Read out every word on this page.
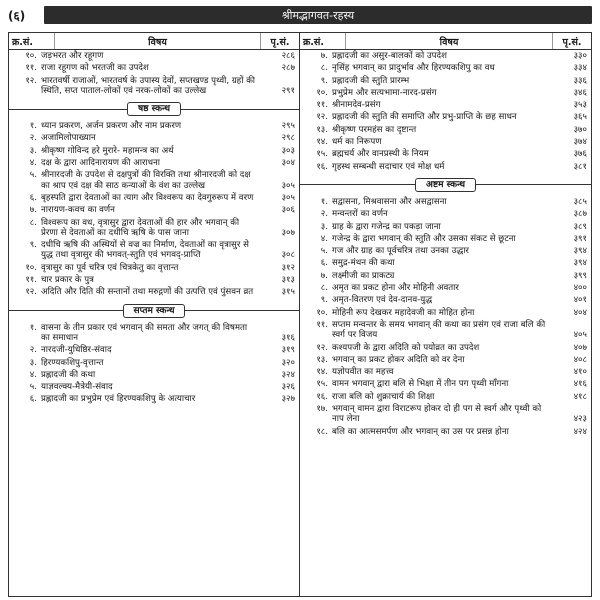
(६)	श्रीमद्भागवत-रहस्य
क्र.सं.	विषय	पृ.सं.
१०. जड़भरत और रहूगण	२८६
११. राजा रहूगण को भरतजी का उपदेश	२८७
१२. भारतवर्षी राजाओं, भारतवर्ष के उपास्य देवों, सप्तखण्ड पृथ्वी, ग्रहों की स्थिति, सप्त पाताल-लोकों एवं नरक-लोकों का उल्लेख	२९१
षष्ठ स्कन्ध
१. ध्यान प्रकरण, अर्जन प्रकरण और नाम प्रकरण	२९५
२. अजामिलोपाख्यान	२९८
३. श्रीकृष्ण गोविन्द हरे मुरारे- महामन्त्र का अर्थ	३०३
४. दक्ष के द्वारा आदिनारायण की आराधना	३०४
५. श्रीनारदजी के उपदेश से दक्षपुत्रों की विरक्ति तथा श्रीनारदजी को दक्ष का श्राप एवं दक्ष की साठ कन्याओं के वंश का उल्लेख	३०५
६. बृहस्पति द्वारा देवताओं का त्याग और विश्वरूप का देवगुरुरूप में वरण	३०५
७. नारायण-कवच का वर्णन	३०६
८. विश्वरूप का वध, वृत्रासुर द्वारा देवताओं की हार और भगवान् की प्रेरणा से देवताओं का दधीचि ऋषि के पास जाना	३०७
९. दधीचि ऋषि की अस्थियों से वज्र का निर्माण, देवताओं का वृत्रासुर से युद्ध तथा वृत्रासुर की भगवत्-स्तुति एवं भगवद्-प्राप्ति	३०८
१०. वृत्रासुर का पूर्व चरित्र एवं चित्रकेतु का वृत्तान्त	३१२
११. चार प्रकार के पुत्र	३१३
१२. अदिति और दिति की सन्तानों तथा मरुद्गणों की उत्पत्ति एवं पुंसवन व्रत	३१५
सप्तम स्कन्ध
१. वासना के तीन प्रकार एवं भगवान् की समता और जगत् की विषमता का समाधान	३१६
२. नारदजी-युधिष्ठिर-संवाद	३१९
३. हिरण्यकशिपु-वृत्तान्त	३२०
४. प्रह्लादजी की कथा	३२४
५. याज्ञवल्क्य-मैत्रेयी-संवाद	३२६
६. प्रह्लादजी का प्रभुप्रेम एवं हिरण्यकशिपु के अत्याचार	३२७
क्र.सं.	विषय	पृ.सं.
७. प्रह्लादजी का असुर-बालकों को उपदेश	३३०
८. नृसिंह भगवान् का प्रादुर्भाव और हिरण्यकशिपु का वध	३३४
९. प्रह्लादजी की स्तुति प्रारम्भ	३३६
१०. प्रभुप्रेम और सत्यभामा-नारद-प्रसंग	३४६
११. श्रीनामदेव-प्रसंग	३५३
१२. प्रह्लादजी की स्तुति की समाप्ति और प्रभु-प्राप्ति के छह साधन	३६५
१३. श्रीकृष्ण परमहंस का दृष्टान्त	३७०
१४. धर्म का निरूपण	३७४
१५. ब्रह्मचर्य और वानप्रस्थी के नियम	३७६
१६. गृहस्थ सम्बन्धी सदाचार एवं मोक्ष धर्म	३८१
अष्टम स्कन्ध
१. सद्वासना, मिश्रवासना और असद्वासना	३८५
२. मन्वन्तरों का वर्णन	३८७
३. ग्राह के द्वारा गजेन्द्र का पकड़ा जाना	३८९
४. गजेन्द्र के द्वारा भगवान् की स्तुति और उसका संकट से छूटना	३९१
५. गज और ग्राह का पूर्वचरित्र तथा उनका उद्धार	३९४
६. समुद्र-मंथन की कथा	३९४
७. लक्ष्मीजी का प्राकट्य	३९९
८. अमृत का प्रकट होना और मोहिनी अवतार	४००
९. अमृत-वितरण एवं देव-दानव-युद्ध	४०१
१०. मोहिनी रूप देखकर महादेवजी का मोहित होना	४०४
११. सप्तम मन्वन्तर के समय भगवान् की कथा का प्रसंग एवं राजा बलि की स्वर्ग पर विजय	४०५
१२. कश्यपजी के द्वारा अदिति को पयोव्रत का उपदेश	४०७
१३. भगवान् का प्रकट होकर अदिति को वर देना	४०८
१४. यज्ञोपवीत का महत्त्व	४१०
१५. वामन भगवान् द्वारा बलि से भिक्षा में तीन पग पृथ्वी माँगना	४१६
१६. राजा बलि को शुक्राचार्य की शिक्षा	४१८
१७. भगवान् वामन द्वारा विराटरूप होकर दो ही पग से स्वर्ग और पृथ्वी को नाप लेना	४२३
१८. बलि का आत्मसमर्पण और भगवान् का उस पर प्रसन्न होना	४२४
